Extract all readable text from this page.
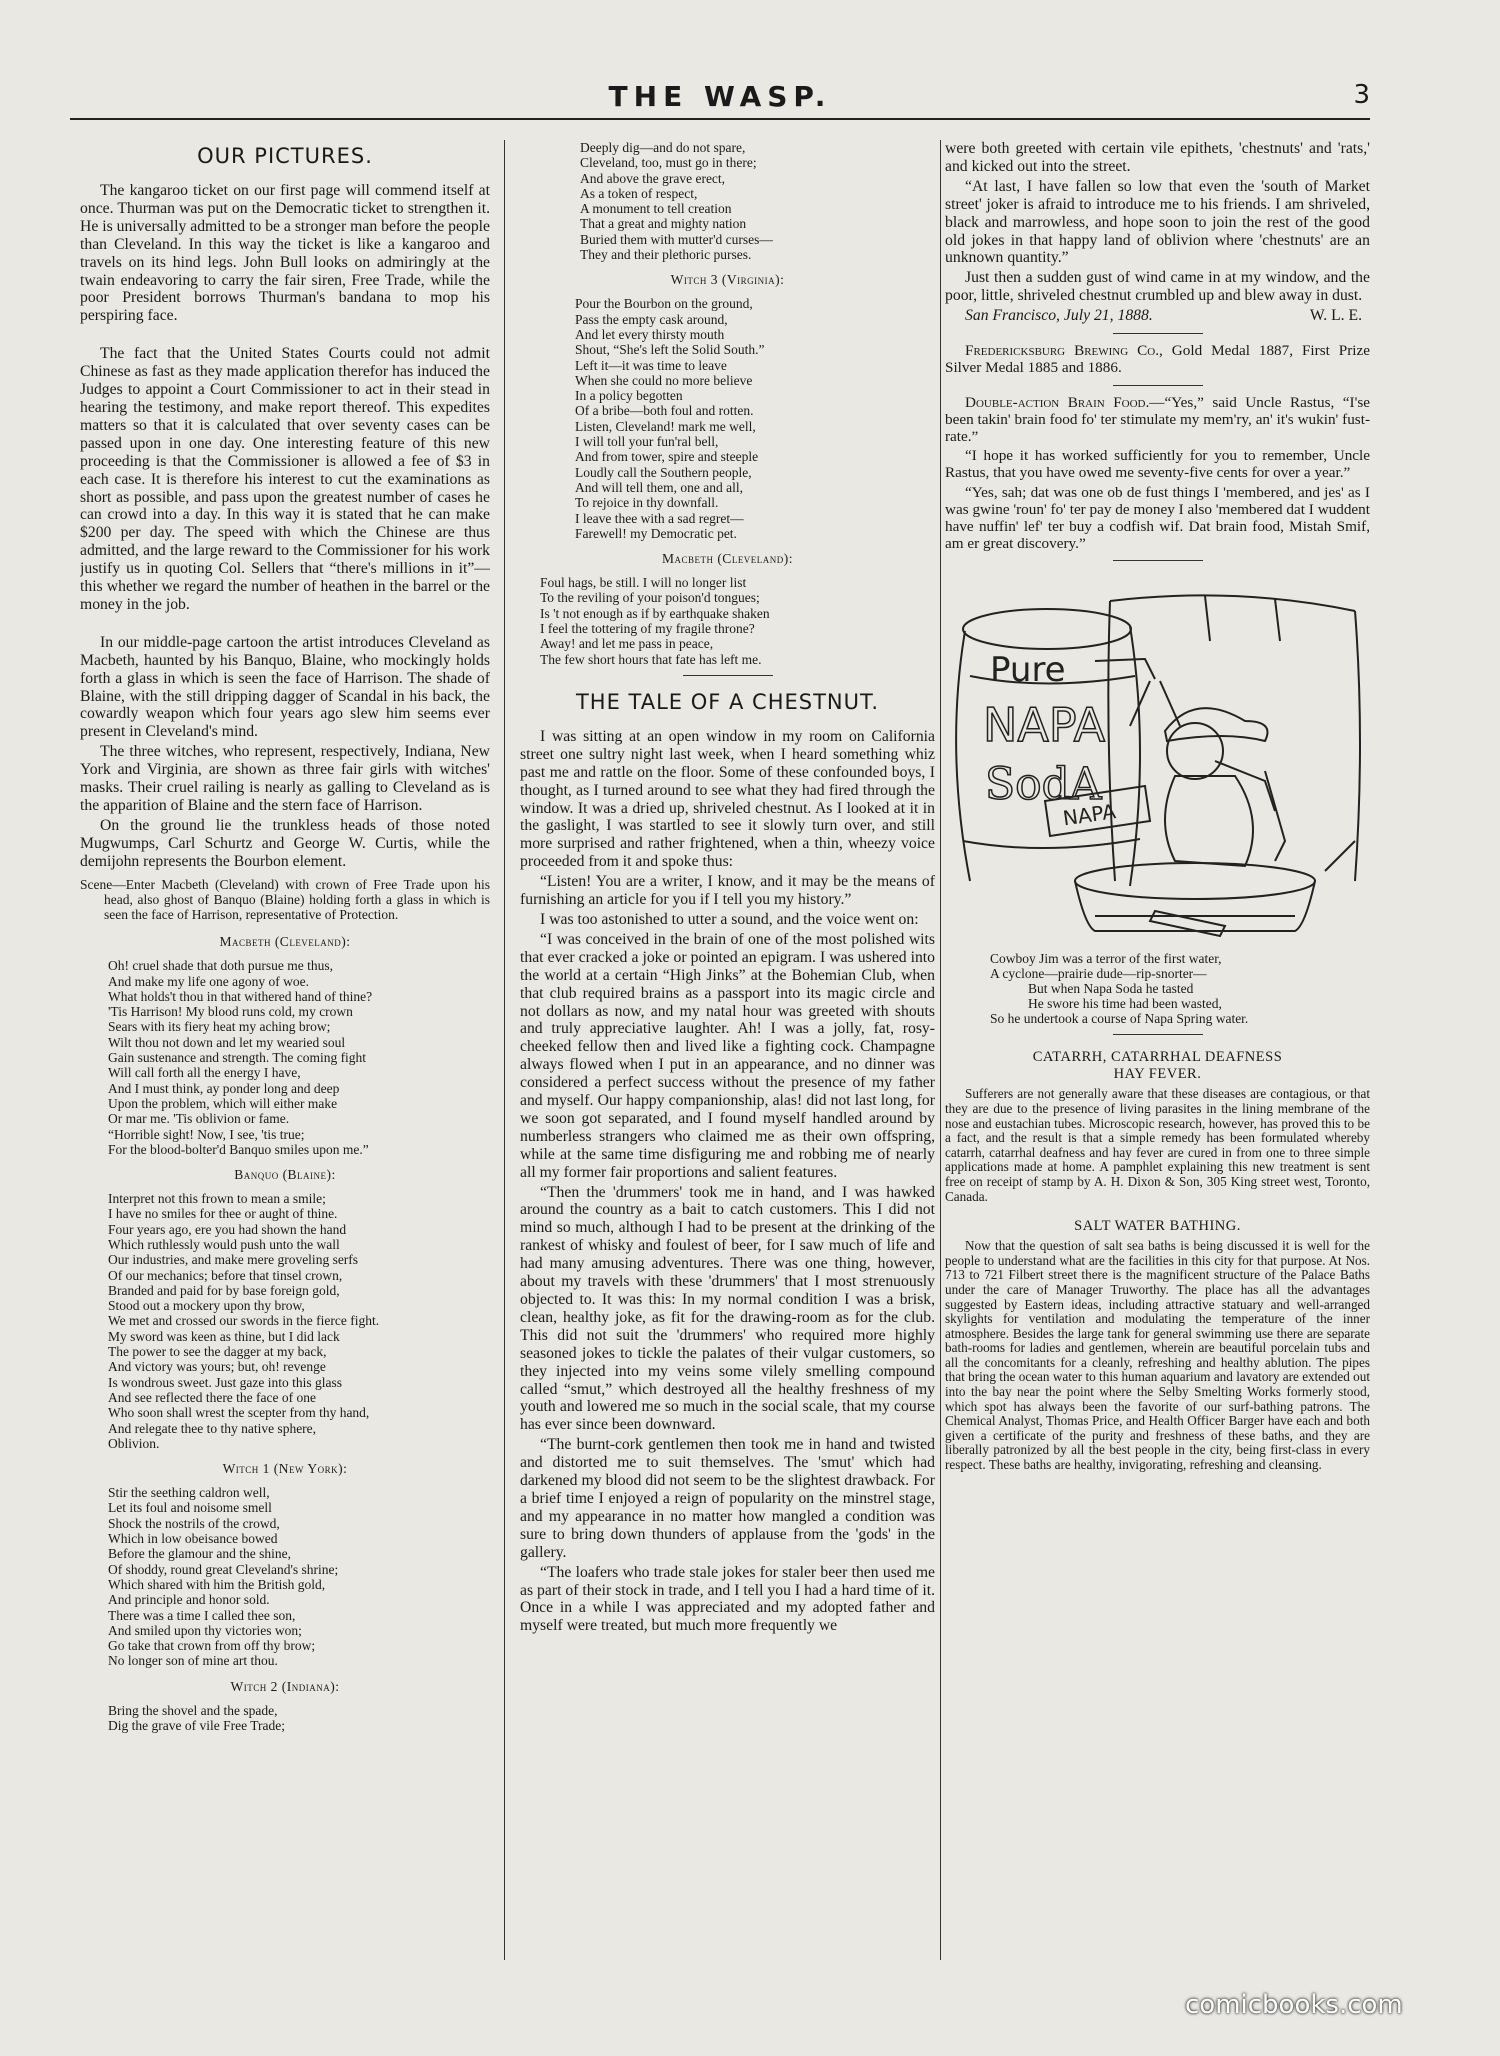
THE WASP.	3
OUR PICTURES.

The kangaroo ticket on our first page will commend itself at once. Thurman was put on the Democratic ticket to strengthen it. He is universally admitted to be a stronger man before the people than Cleveland. In this way the ticket is like a kangaroo and travels on its hind legs. John Bull looks on admiringly at the twain endeavoring to carry the fair siren, Free Trade, while the poor President borrows Thurman's bandana to mop his perspiring face.

The fact that the United States Courts could not admit Chinese as fast as they made application therefor has induced the Judges to appoint a Court Commissioner to act in their stead in hearing the testimony, and make report thereof. This expedites matters so that it is calculated that over seventy cases can be passed upon in one day. One interesting feature of this new proceeding is that the Commissioner is allowed a fee of $3 in each case. It is therefore his interest to cut the examinations as short as possible, and pass upon the greatest number of cases he can crowd into a day. In this way it is stated that he can make $200 per day. The speed with which the Chinese are thus admitted, and the large reward to the Commissioner for his work justify us in quoting Col. Sellers that “there's millions in it”—this whether we regard the number of heathen in the barrel or the money in the job.

In our middle-page cartoon the artist introduces Cleveland as Macbeth, haunted by his Banquo, Blaine, who mockingly holds forth a glass in which is seen the face of Harrison. The shade of Blaine, with the still dripping dagger of Scandal in his back, the cowardly weapon which four years ago slew him seems ever present in Cleveland's mind.

The three witches, who represent, respectively, Indiana, New York and Virginia, are shown as three fair girls with witches' masks. Their cruel railing is nearly as galling to Cleveland as is the apparition of Blaine and the stern face of Harrison.

On the ground lie the trunkless heads of those noted Mugwumps, Carl Schurtz and George W. Curtis, while the demijohn represents the Bourbon element.

Scene—Enter Macbeth (Cleveland) with crown of Free Trade upon his head, also ghost of Banquo (Blaine) holding forth a glass in which is seen the face of Harrison, representative of Protection.
Macbeth (Cleveland):
Oh! cruel shade that doth pursue me thus,
And make my life one agony of woe.
What holds't thou in that withered hand of thine?
'Tis Harrison! My blood runs cold, my crown
Sears with its fiery heat my aching brow;
Wilt thou not down and let my wearied soul
Gain sustenance and strength. The coming fight
Will call forth all the energy I have,
And I must think, ay ponder long and deep
Upon the problem, which will either make
Or mar me. 'Tis oblivion or fame.
“Horrible sight! Now, I see, 'tis true;
For the blood-bolter'd Banquo smiles upon me.”
Banquo (Blaine):
Interpret not this frown to mean a smile;
I have no smiles for thee or aught of thine.
Four years ago, ere you had shown the hand
Which ruthlessly would push unto the wall
Our industries, and make mere groveling serfs
Of our mechanics; before that tinsel crown,
Branded and paid for by base foreign gold,
Stood out a mockery upon thy brow,
We met and crossed our swords in the fierce fight.
My sword was keen as thine, but I did lack
The power to see the dagger at my back,
And victory was yours; but, oh! revenge
Is wondrous sweet. Just gaze into this glass
And see reflected there the face of one
Who soon shall wrest the scepter from thy hand,
And relegate thee to thy native sphere,
Oblivion.
Witch 1 (New York):
Stir the seething caldron well,
Let its foul and noisome smell
Shock the nostrils of the crowd,
Which in low obeisance bowed
Before the glamour and the shine,
Of shoddy, round great Cleveland's shrine;
Which shared with him the British gold,
And principle and honor sold.
There was a time I called thee son,
And smiled upon thy victories won;
Go take that crown from off thy brow;
No longer son of mine art thou.
Witch 2 (Indiana):
Bring the shovel and the spade,
Dig the grave of vile Free Trade;
Deeply dig—and do not spare,
Cleveland, too, must go in there;
And above the grave erect,
As a token of respect,
A monument to tell creation
That a great and mighty nation
Buried them with mutter'd curses—
They and their plethoric purses.
Witch 3 (Virginia):
Pour the Bourbon on the ground,
Pass the empty cask around,
And let every thirsty mouth
Shout, “She's left the Solid South.”
Left it—it was time to leave
When she could no more believe
In a policy begotten
Of a bribe—both foul and rotten.
Listen, Cleveland! mark me well,
I will toll your fun'ral bell,
And from tower, spire and steeple
Loudly call the Southern people,
And will tell them, one and all,
To rejoice in thy downfall.
I leave thee with a sad regret—
Farewell! my Democratic pet.
Macbeth (Cleveland):
Foul hags, be still. I will no longer list
To the reviling of your poison'd tongues;
Is 't not enough as if by earthquake shaken
I feel the tottering of my fragile throne?
Away! and let me pass in peace,
The few short hours that fate has left me.
THE TALE OF A CHESTNUT.

I was sitting at an open window in my room on California street one sultry night last week, when I heard something whiz past me and rattle on the floor. Some of these confounded boys, I thought, as I turned around to see what they had fired through the window. It was a dried up, shriveled chestnut. As I looked at it in the gaslight, I was startled to see it slowly turn over, and still more surprised and rather frightened, when a thin, wheezy voice proceeded from it and spoke thus:

“Listen! You are a writer, I know, and it may be the means of furnishing an article for you if I tell you my history.”

I was too astonished to utter a sound, and the voice went on:

“I was conceived in the brain of one of the most polished wits that ever cracked a joke or pointed an epigram. I was ushered into the world at a certain “High Jinks” at the Bohemian Club, when that club required brains as a passport into its magic circle and not dollars as now, and my natal hour was greeted with shouts and truly appreciative laughter. Ah! I was a jolly, fat, rosy-cheeked fellow then and lived like a fighting cock. Champagne always flowed when I put in an appearance, and no dinner was considered a perfect success without the presence of my father and myself. Our happy companionship, alas! did not last long, for we soon got separated, and I found myself handled around by numberless strangers who claimed me as their own offspring, while at the same time disfiguring me and robbing me of nearly all my former fair proportions and salient features.

“Then the 'drummers' took me in hand, and I was hawked around the country as a bait to catch customers. This I did not mind so much, although I had to be present at the drinking of the rankest of whisky and foulest of beer, for I saw much of life and had many amusing adventures. There was one thing, however, about my travels with these 'drummers' that I most strenuously objected to. It was this: In my normal condition I was a brisk, clean, healthy joke, as fit for the drawing-room as for the club. This did not suit the 'drummers' who required more highly seasoned jokes to tickle the palates of their vulgar customers, so they injected into my veins some vilely smelling compound called “smut,” which destroyed all the healthy freshness of my youth and lowered me so much in the social scale, that my course has ever since been downward.

“The burnt-cork gentlemen then took me in hand and twisted and distorted me to suit themselves. The 'smut' which had darkened my blood did not seem to be the slightest drawback. For a brief time I enjoyed a reign of popularity on the minstrel stage, and my appearance in no matter how mangled a condition was sure to bring down thunders of applause from the 'gods' in the gallery.

“The loafers who trade stale jokes for staler beer then used me as part of their stock in trade, and I tell you I had a hard time of it. Once in a while I was appreciated and my adopted father and myself were treated, but much more frequently we

were both greeted with certain vile epithets, 'chestnuts' and 'rats,' and kicked out into the street.

“At last, I have fallen so low that even the 'south of Market street' joker is afraid to introduce me to his friends. I am shriveled, black and marrowless, and hope soon to join the rest of the good old jokes in that happy land of oblivion where 'chestnuts' are an unknown quantity.”

Just then a sudden gust of wind came in at my window, and the poor, little, shriveled chestnut crumbled up and blew away in dust.

San Francisco, July 21, 1888.	W. L. E.

Fredericksburg Brewing Co., Gold Medal 1887, First Prize Silver Medal 1885 and 1886.

Double-action Brain Food.—“Yes,” said Uncle Rastus, “I'se been takin' brain food fo' ter stimulate my mem'ry, an' it's wukin' fust-rate.”

“I hope it has worked sufficiently for you to remember, Uncle Rastus, that you have owed me seventy-five cents for over a year.”

“Yes, sah; dat was one ob de fust things I 'membered, and jes' as I was gwine 'roun' fo' ter pay de money I also 'membered dat I wuddent have nuffin' lef' ter buy a codfish wif. Dat brain food, Mistah Smif, am er great discovery.”

Pure
NAPA
SodA
NAPA
Cowboy Jim was a terror of the first water,
A cyclone—prairie dude—rip-snorter—
But when Napa Soda he tasted
He swore his time had been wasted,
So he undertook a course of Napa Spring water.
CATARRH, CATARRHAL DEAFNESS
HAY FEVER.

Sufferers are not generally aware that these diseases are contagious, or that they are due to the presence of living parasites in the lining membrane of the nose and eustachian tubes. Microscopic research, however, has proved this to be a fact, and the result is that a simple remedy has been formulated whereby catarrh, catarrhal deafness and hay fever are cured in from one to three simple applications made at home. A pamphlet explaining this new treatment is sent free on receipt of stamp by A. H. Dixon & Son, 305 King street west, Toronto, Canada.

SALT WATER BATHING.

Now that the question of salt sea baths is being discussed it is well for the people to understand what are the facilities in this city for that purpose. At Nos. 713 to 721 Filbert street there is the magnificent structure of the Palace Baths under the care of Manager Truworthy. The place has all the advantages suggested by Eastern ideas, including attractive statuary and well-arranged skylights for ventilation and modulating the temperature of the inner atmosphere. Besides the large tank for general swimming use there are separate bath-rooms for ladies and gentlemen, wherein are beautiful porcelain tubs and all the concomitants for a cleanly, refreshing and healthy ablution. The pipes that bring the ocean water to this human aquarium and lavatory are extended out into the bay near the point where the Selby Smelting Works formerly stood, which spot has always been the favorite of our surf-bathing patrons. The Chemical Analyst, Thomas Price, and Health Officer Barger have each and both given a certificate of the purity and freshness of these baths, and they are liberally patronized by all the best people in the city, being first-class in every respect. These baths are healthy, invigorating, refreshing and cleansing.

comicbooks.com
